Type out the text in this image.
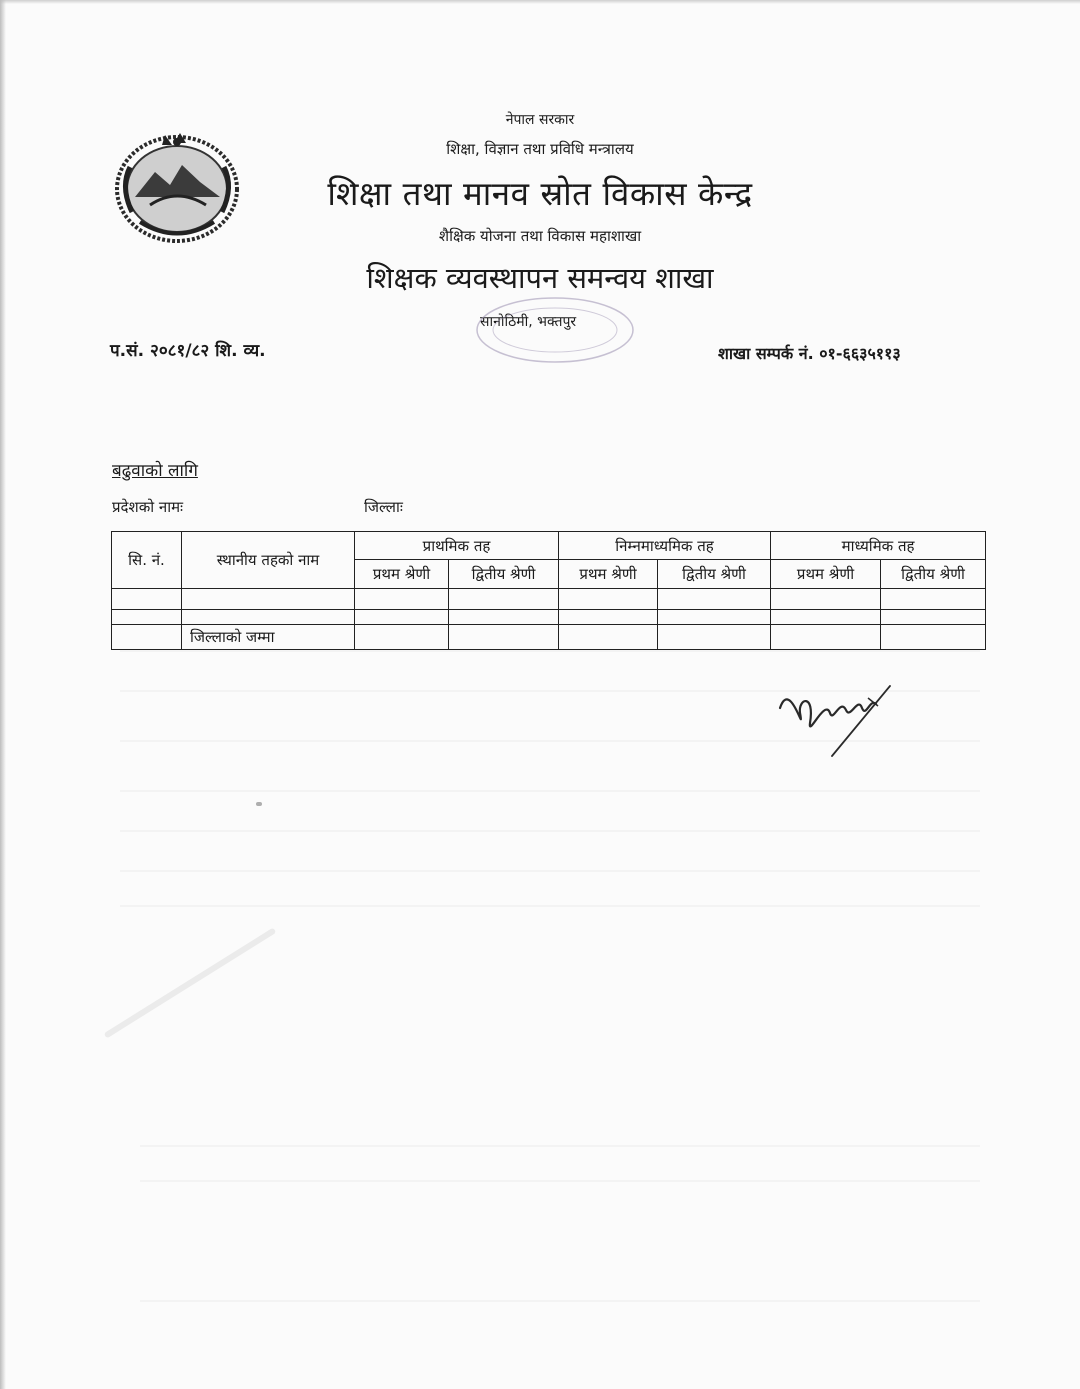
नेपाल सरकार
शिक्षा, विज्ञान तथा प्रविधि मन्त्रालय
शिक्षा तथा मानव स्रोत विकास केन्द्र
शैक्षिक योजना तथा विकास महाशाखा
शिक्षक व्यवस्थापन समन्वय शाखा
सानोठिमी, भक्तपुर
प.सं. २०८१/८२ शि. व्य.	शाखा सम्पर्क नं. ०१-६६३५११३
बढुवाको लागि
प्रदेशको नामः	जिल्लाः
सि. नं.	स्थानीय तहको नाम	प्राथमिक तह		निम्नमाध्यमिक तह		माध्यमिक तह	
		प्रथम श्रेणी	द्वितीय श्रेणी	प्रथम श्रेणी	द्वितीय श्रेणी	प्रथम श्रेणी	द्वितीय श्रेणी

	जिल्लाको जम्मा						
